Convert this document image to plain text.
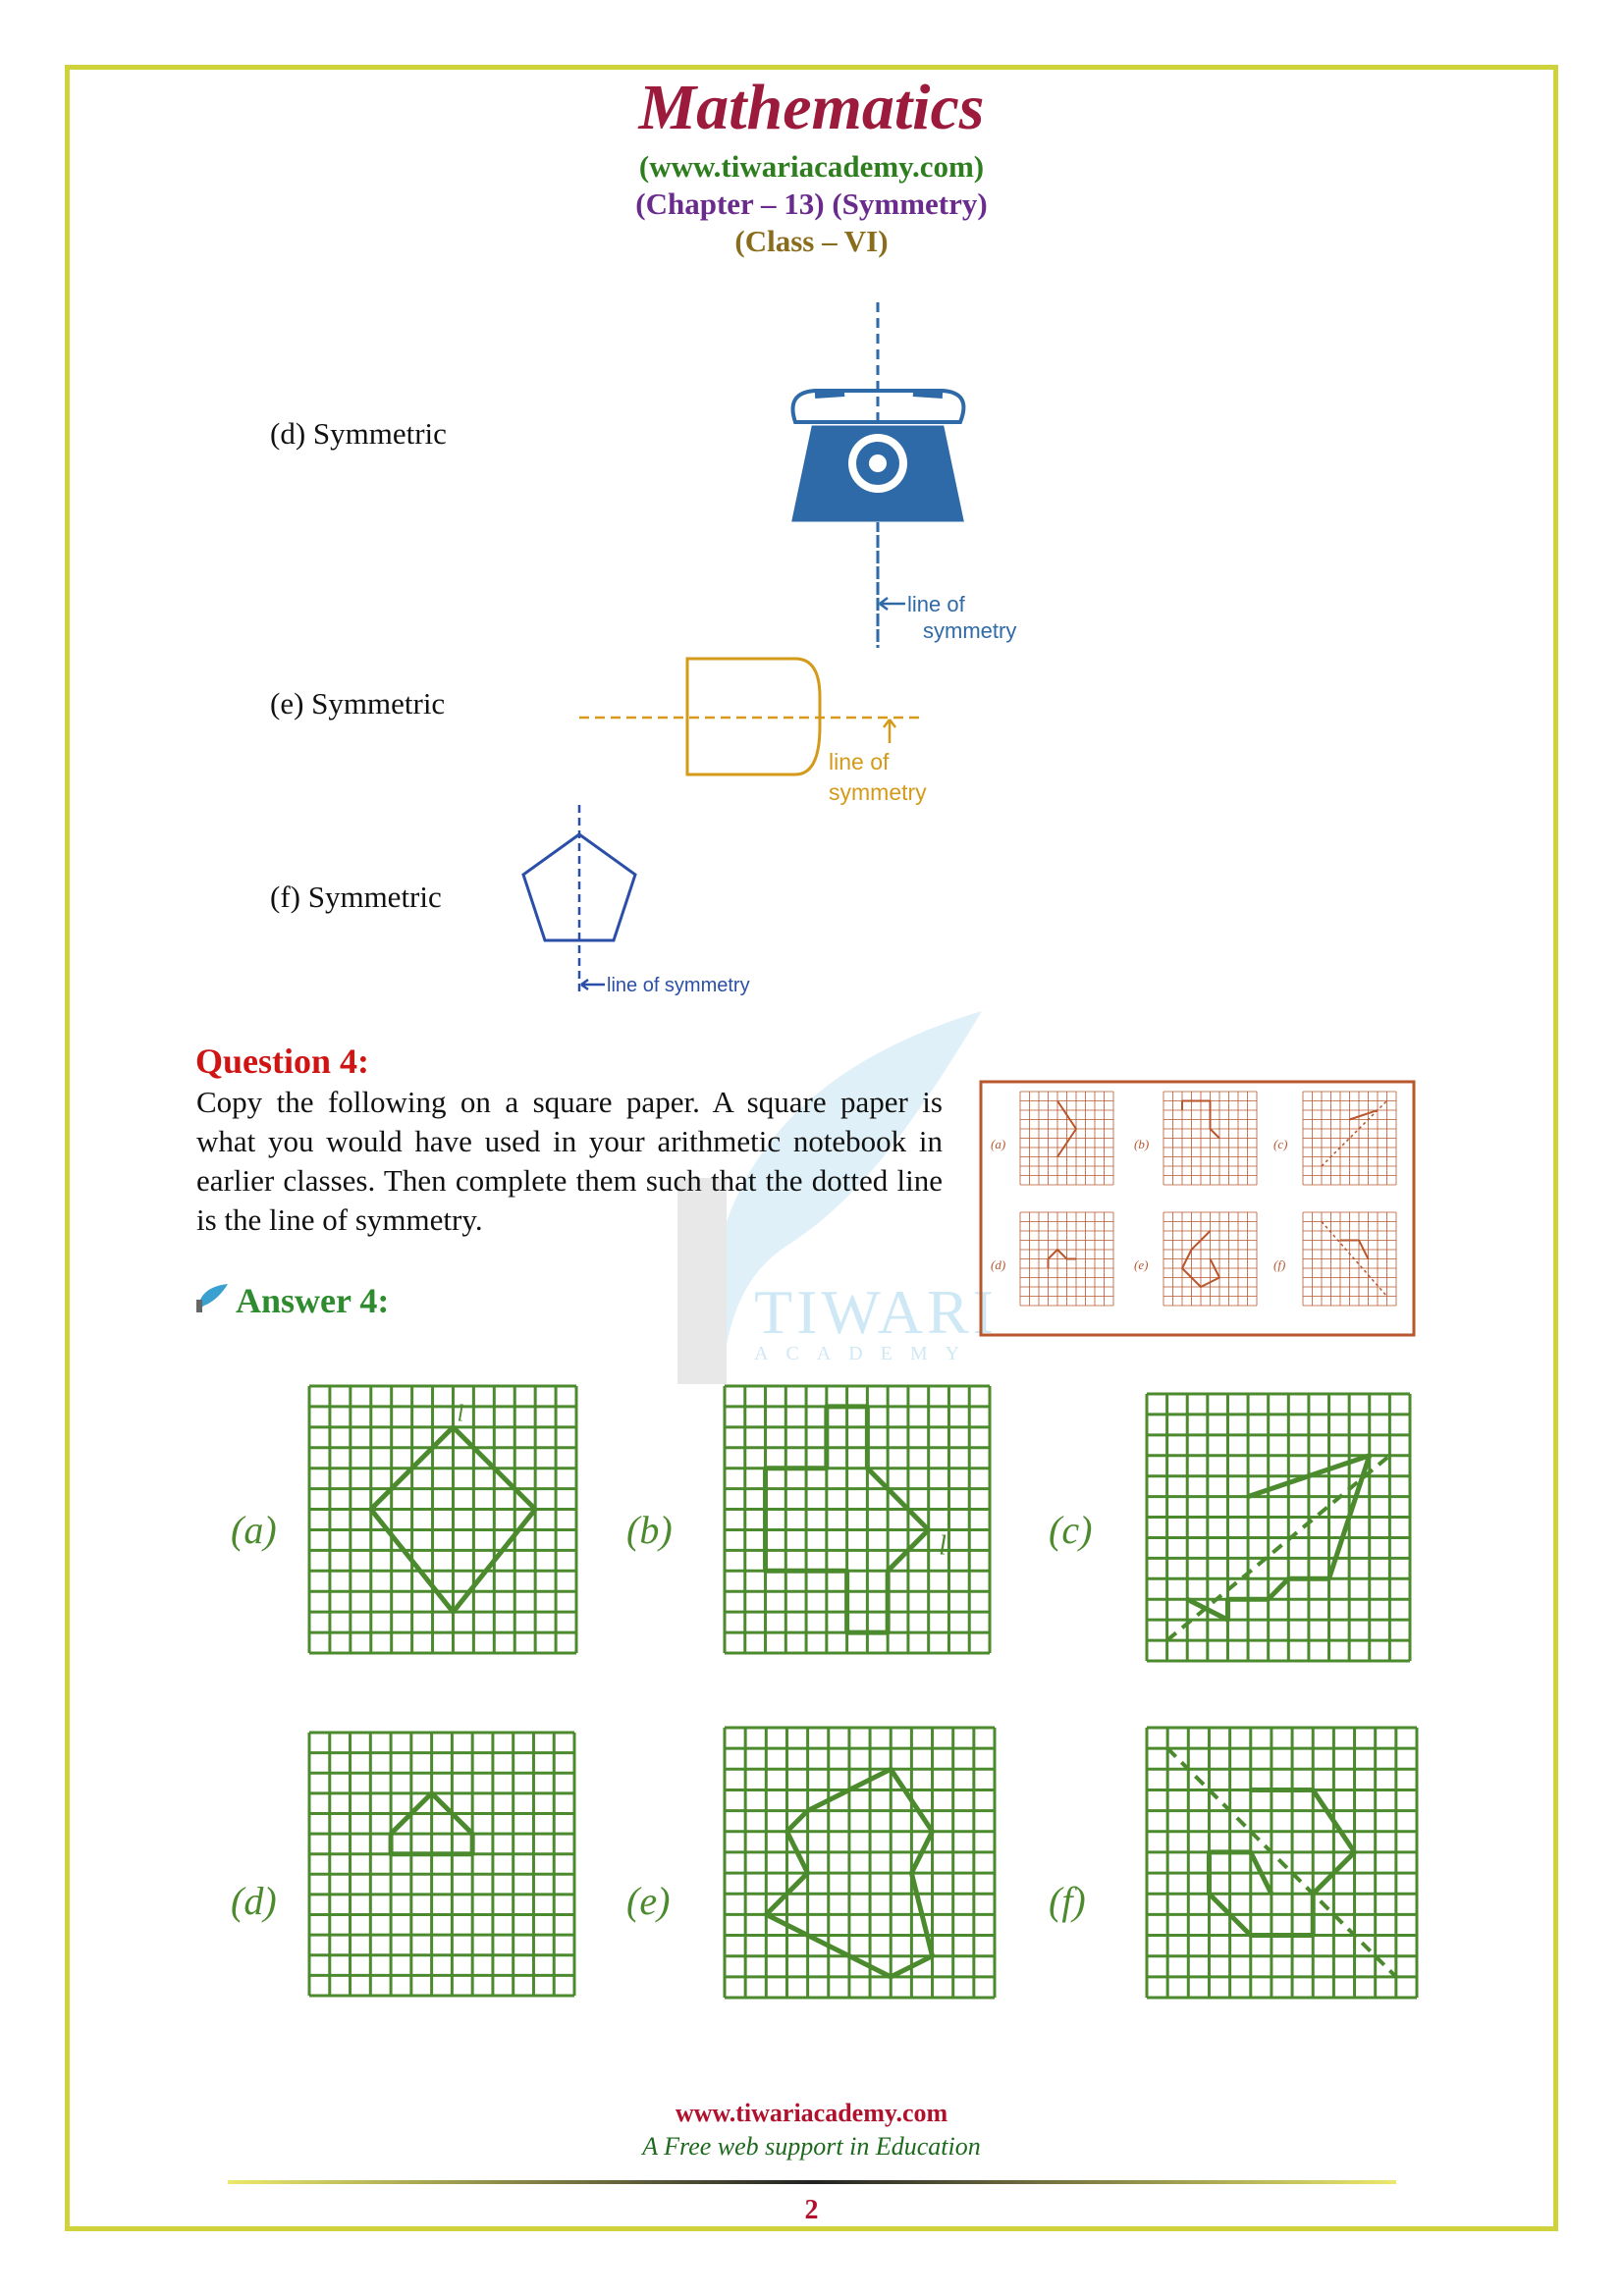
TIWARI
ACADEMY
Mathematics
(www.tiwariacademy.com)
(Chapter – 13) (Symmetry)
(Class – VI)
(d) Symmetric
line of
symmetry
(e) Symmetric
line of
symmetry
(f) Symmetric
line of symmetry
Question 4:
Copy the following on a square paper. A square paper is what you would have used in your arithmetic notebook in earlier classes. Then complete them such that the dotted line is the line of symmetry.
(a)	(b)	(c)
(d)	(e)	(f)
Answer 4:
(a)	(b)	(c)
(d)	(e)	(f)
l
l
www.tiwariacademy.com
A Free web support in Education
2
